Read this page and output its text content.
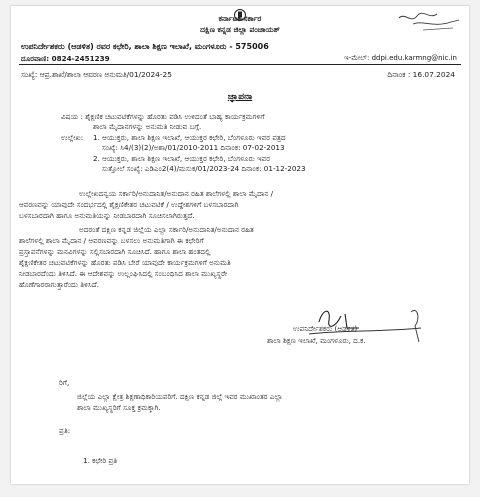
ಕರ್ನಾಟಕ ಸರ್ಕಾರ
ದಕ್ಷಿಣ ಕನ್ನಡ ಜಿಲ್ಲಾ ಪಂಚಾಯತ್
ಉಪನಿರ್ದೇಶಕರು (ಆಡಳಿತ) ರವರ ಕಛೇರಿ, ಶಾಲಾ ಶಿಕ್ಷಣ ಇಲಾಖೆ, ಮಂಗಳೂರು - 575006
ದೂರವಾಣಿ: 0824-2451239	ಇ-ಮೇಲ್: ddpi.edu.karmng@nic.in
ಸಂಖ್ಯೆ: ಆಪ್ರ.ಶಾಖೆ/ಶಾಲಾ ಆವರಣ ಅನುಮತಿ/01/2024-25	ದಿನಾಂಕ : 16.07.2024
ಜ್ಞಾಪನಾ
ವಿಷಯ : ಶೈಕ್ಷಣಿಕ ಚಟುವಟಿಕೆಗಳನ್ನು ಹೊರತು ಪಡಿಸಿ ಉಳಿದಂತೆ ಬಾಹ್ಯ ಕಾರ್ಯಕ್ರಮಗಳಿಗೆ
ಶಾಲಾ ಮೈದಾನಗಳನ್ನು ಅನುಮತಿ ನೀಡುವ ಬಗ್ಗೆ.
ಉಲ್ಲೇಖ: 1. ಆಯುಕ್ತರು, ಶಾಲಾ ಶಿಕ್ಷಣ ಇಲಾಖೆ, ಆಯುಕ್ತರ ಕಛೇರಿ, ಬೆಂಗಳೂರು ಇವರ ಪತ್ರದ
ಸಂಖ್ಯೆ: ಸಿ4/(3)(2)/ಅಶಾ/01/2010-2011 ದಿನಾಂಕ: 07-02-2013
2. ಆಯುಕ್ತರು, ಶಾಲಾ ಶಿಕ್ಷಣ ಇಲಾಖೆ, ಆಯುಕ್ತರ ಕಛೇರಿ, ಬೆಂಗಳೂರು ಇವರ
ಸುತ್ತೋಲೆ ಸಂಖ್ಯೆ: ಎಡಿಎಂ2(4)/ಮಸುಕ/01/2023-24 ದಿನಾಂಕ: 01-12-2023
ಉಲ್ಲೇಖದನ್ವಯ ಸರ್ಕಾರಿ/ಅನುದಾನಿತ/ಅನುದಾನ ರಹಿತ ಶಾಲೆಗಳಲ್ಲಿ ಶಾಲಾ ಮೈದಾನ /
ಆವರಣವನ್ನು ಯಾವುದೇ ಸಂದರ್ಭದಲ್ಲಿ ಶೈಕ್ಷಣಿಕೇತರ ಚಟುವಟಿಕೆ / ಉದ್ದೇಶಗಳಿಗೆ ಬಳಸಬಾರದಾಗಿ
ಬಳಸಬಾರದಾಗಿ ಹಾಗೂ ಅನುಮತಿಯನ್ನು ನೀಡಬಾರದಾಗಿ ಸೂಚಿಸಲಾಗಿರುತ್ತದೆ.
ಅದರಂತೆ ದಕ್ಷಿಣ ಕನ್ನಡ ಜಿಲ್ಲೆಯ ಎಲ್ಲಾ ಸರ್ಕಾರಿ/ಅನುದಾನಿತ/ಅನುದಾನ ರಹಿತ
ಶಾಲೆಗಳಲ್ಲಿ ಶಾಲಾ ಮೈದಾನ / ಆವರಣವನ್ನು ಬಳಸಲು ಅನುಮತಿಗಾಗಿ ಈ ಕಛೇರಿಗೆ
ಪ್ರಸ್ತಾವನೆಗಳನ್ನು ಮನವಿಗಳನ್ನು ಸಲ್ಲಿಸಬಾರದಾಗಿ ಸೂಚಿಸಿದೆ. ಹಾಗೂ ಶಾಲಾ ಹಂತದಲ್ಲಿ
ಶೈಕ್ಷಣಿಕೇತರ ಚಟುವಟಿಕೆಗಳನ್ನು ಹೊರತು ಪಡಿಸಿ ಬೇರೆ ಯಾವುದೇ ಕಾರ್ಯಕ್ರಮಗಳಿಗೆ ಅನುಮತಿ
ನೀಡಬಾರದೆಂದು ತಿಳಿಸಿದೆ. ಈ ಆದೇಶವನ್ನು ಉಲ್ಲಂಘಿಸಿದಲ್ಲಿ ಸಂಬಂಧಿಸಿದ ಶಾಲಾ ಮುಖ್ಯಸ್ಥರೇ
ಹೊಣೆಗಾರರಾಗುತ್ತಾರೆಂದು ತಿಳಿಸಿದೆ.
ಉಪನಿರ್ದೇಶಕರು (ಆಡಳಿತ)
ಶಾಲಾ ಶಿಕ್ಷಣ ಇಲಾಖೆ, ಮಂಗಳೂರು, ದ.ಕ.
ರಿಗೆ,
ಜಿಲ್ಲೆಯ ಎಲ್ಲಾ ಕ್ಷೇತ್ರ ಶಿಕ್ಷಣಾಧಿಕಾರಿಯವರಿಗೆ. ದಕ್ಷಿಣ ಕನ್ನಡ ಜಿಲ್ಲೆ ಇವರ ಮುಖಾಂತರ ಎಲ್ಲಾ
ಶಾಲಾ ಮುಖ್ಯಸ್ಥರಿಗೆ ಸೂಕ್ತ ಕ್ರಮಕ್ಕಾಗಿ.
ಪ್ರತಿ:
1. ಕಛೇರಿ ಪ್ರತಿ
